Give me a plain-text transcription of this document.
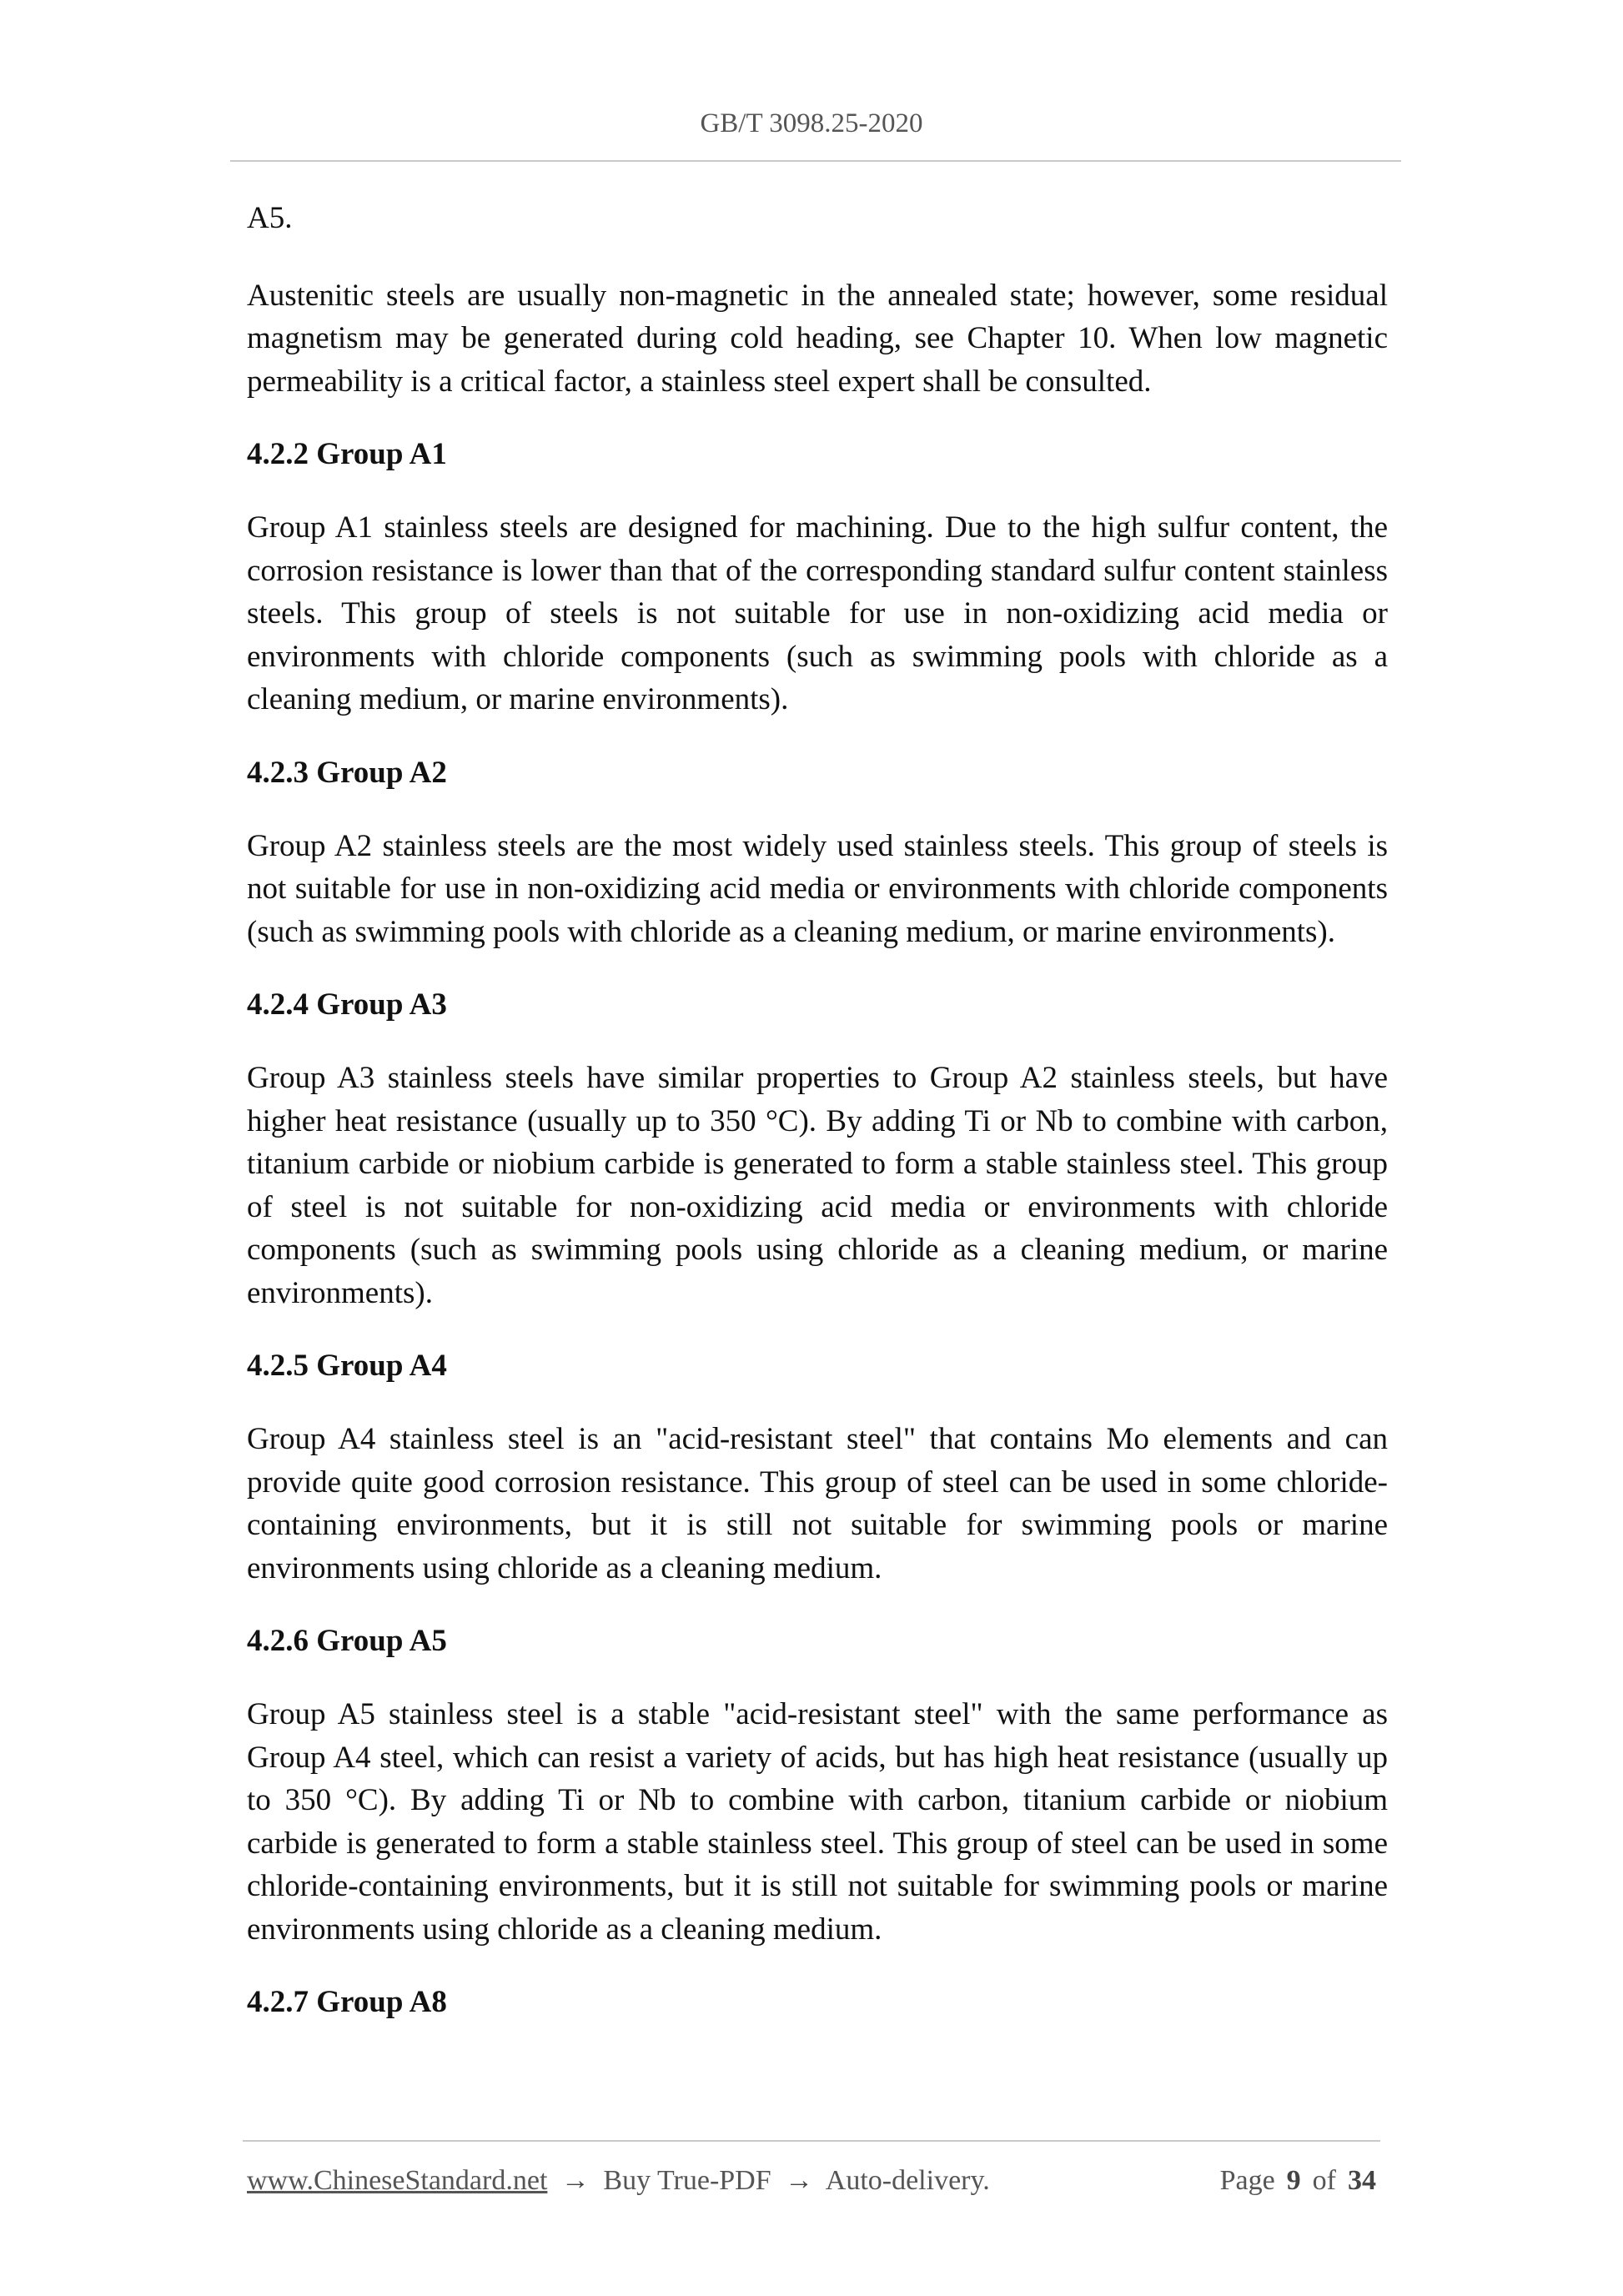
GB/T 3098.25-2020

A5.

Austenitic steels are usually non-magnetic in the annealed state; however, some residual magnetism may be generated during cold heading, see Chapter 10. When low magnetic permeability is a critical factor, a stainless steel expert shall be consulted.

4.2.2 Group A1

Group A1 stainless steels are designed for machining. Due to the high sulfur content, the corrosion resistance is lower than that of the corresponding standard sulfur content stainless steels. This group of steels is not suitable for use in non-oxidizing acid media or environments with chloride components (such as swimming pools with chloride as a cleaning medium, or marine environments).

4.2.3 Group A2

Group A2 stainless steels are the most widely used stainless steels. This group of steels is not suitable for use in non-oxidizing acid media or environments with chloride components (such as swimming pools with chloride as a cleaning medium, or marine environments).

4.2.4 Group A3

Group A3 stainless steels have similar properties to Group A2 stainless steels, but have higher heat resistance (usually up to 350 °C). By adding Ti or Nb to combine with carbon, titanium carbide or niobium carbide is generated to form a stable stainless steel. This group of steel is not suitable for non-oxidizing acid media or environments with chloride components (such as swimming pools using chloride as a cleaning medium, or marine environments).

4.2.5 Group A4

Group A4 stainless steel is an "acid-resistant steel" that contains Mo elements and can provide quite good corrosion resistance. This group of steel can be used in some chloride-containing environments, but it is still not suitable for swimming pools or marine environments using chloride as a cleaning medium.

4.2.6 Group A5

Group A5 stainless steel is a stable "acid-resistant steel" with the same performance as Group A4 steel, which can resist a variety of acids, but has high heat resistance (usually up to 350 °C). By adding Ti or Nb to combine with carbon, titanium carbide or niobium carbide is generated to form a stable stainless steel. This group of steel can be used in some chloride-containing environments, but it is still not suitable for swimming pools or marine environments using chloride as a cleaning medium.

4.2.7 Group A8
www.ChineseStandard.net → Buy True-PDF → Auto-delivery.	Page 9 of 34
